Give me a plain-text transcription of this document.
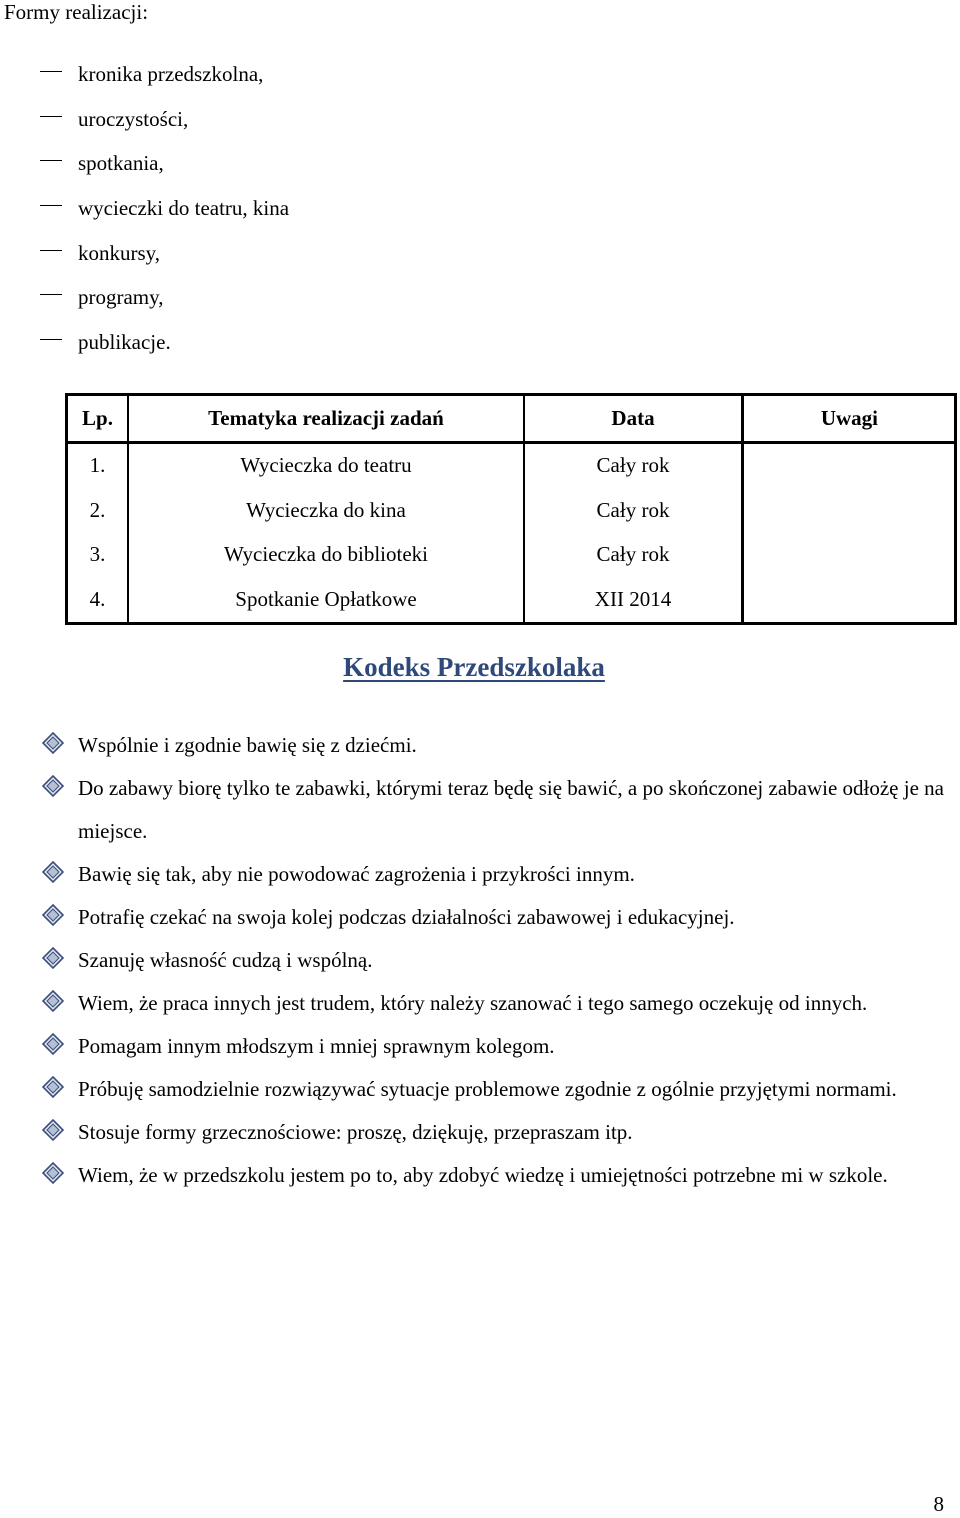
Formy realizacji:

kronika przedszkolna,
uroczystości,
spotkania,
wycieczki do teatru, kina
konkursy,
programy,
publikacje.
Lp.	Tematyka realizacji zadań	Data	Uwagi
1.	Wycieczka do teatru	Cały rok	
2.	Wycieczka do kina	Cały rok	
3.	Wycieczka do biblioteki	Cały rok	
4.	Spotkanie Opłatkowe	XII 2014	
Kodeks Przedszkolaka
Wspólnie i zgodnie bawię się z dziećmi.
Do zabawy biorę tylko te zabawki, którymi teraz będę się bawić, a po skończonej zabawie odłożę je na miejsce.
Bawię się tak, aby nie powodować zagrożenia i przykrości innym.
Potrafię czekać na swoja kolej podczas działalności zabawowej i edukacyjnej.
Szanuję własność cudzą i wspólną.
Wiem, że praca innych jest trudem, który należy szanować i tego samego oczekuję od innych.
Pomagam innym młodszym i mniej sprawnym kolegom.
Próbuję samodzielnie rozwiązywać sytuacje problemowe zgodnie z ogólnie przyjętymi normami.
Stosuje formy grzecznościowe: proszę, dziękuję, przepraszam itp.
Wiem, że w przedszkolu jestem po to, aby zdobyć wiedzę i umiejętności potrzebne mi w szkole.
8
